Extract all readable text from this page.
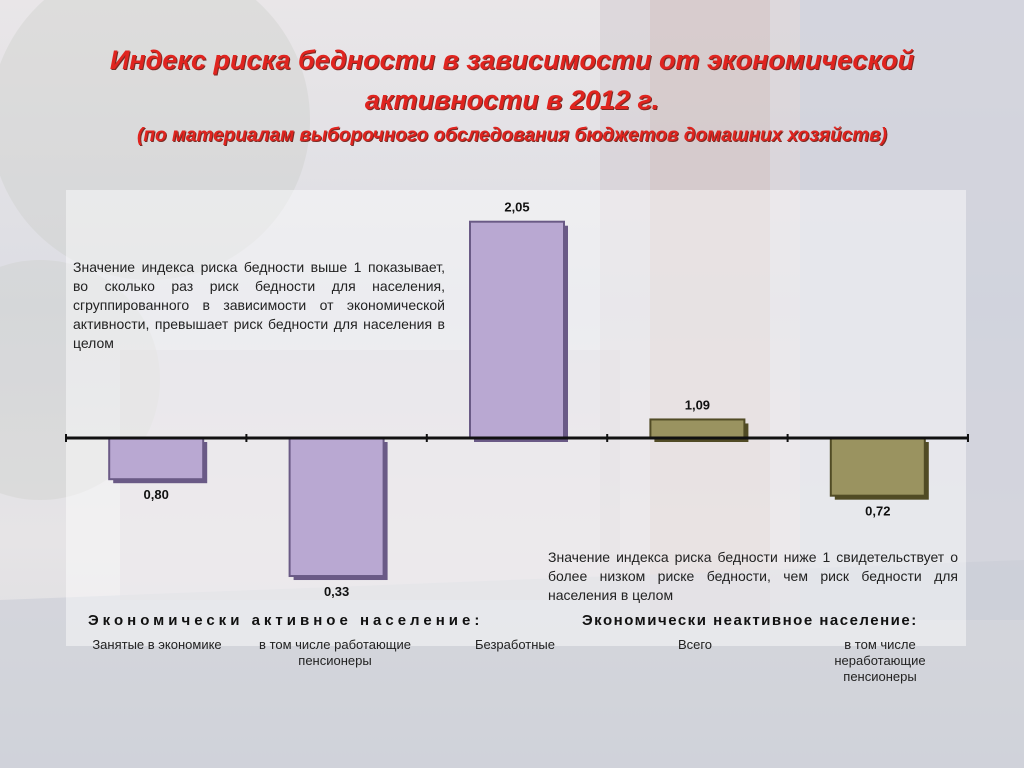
Индекс риска бедности в зависимости от экономической
активности в 2012 г.
(по материалам выборочного обследования бюджетов домашних хозяйств)
Значение индекса риска бедности выше 1 показывает, во сколько раз риск бедности для населения, сгруппированного в зависимости от экономической активности, превышает риск бедности для населения в целом
Значение индекса риска бедности ниже 1 свидетельствует о более низком риске бедности, чем риск бедности для населения в целом
0,80
0,33
2,05
1,09
0,72
Экономически активное население:	Экономически неактивное население:
Занятые в экономике	в том числе работающие пенсионеры
Безработные	Всего	в том числе неработающие пенсионеры
